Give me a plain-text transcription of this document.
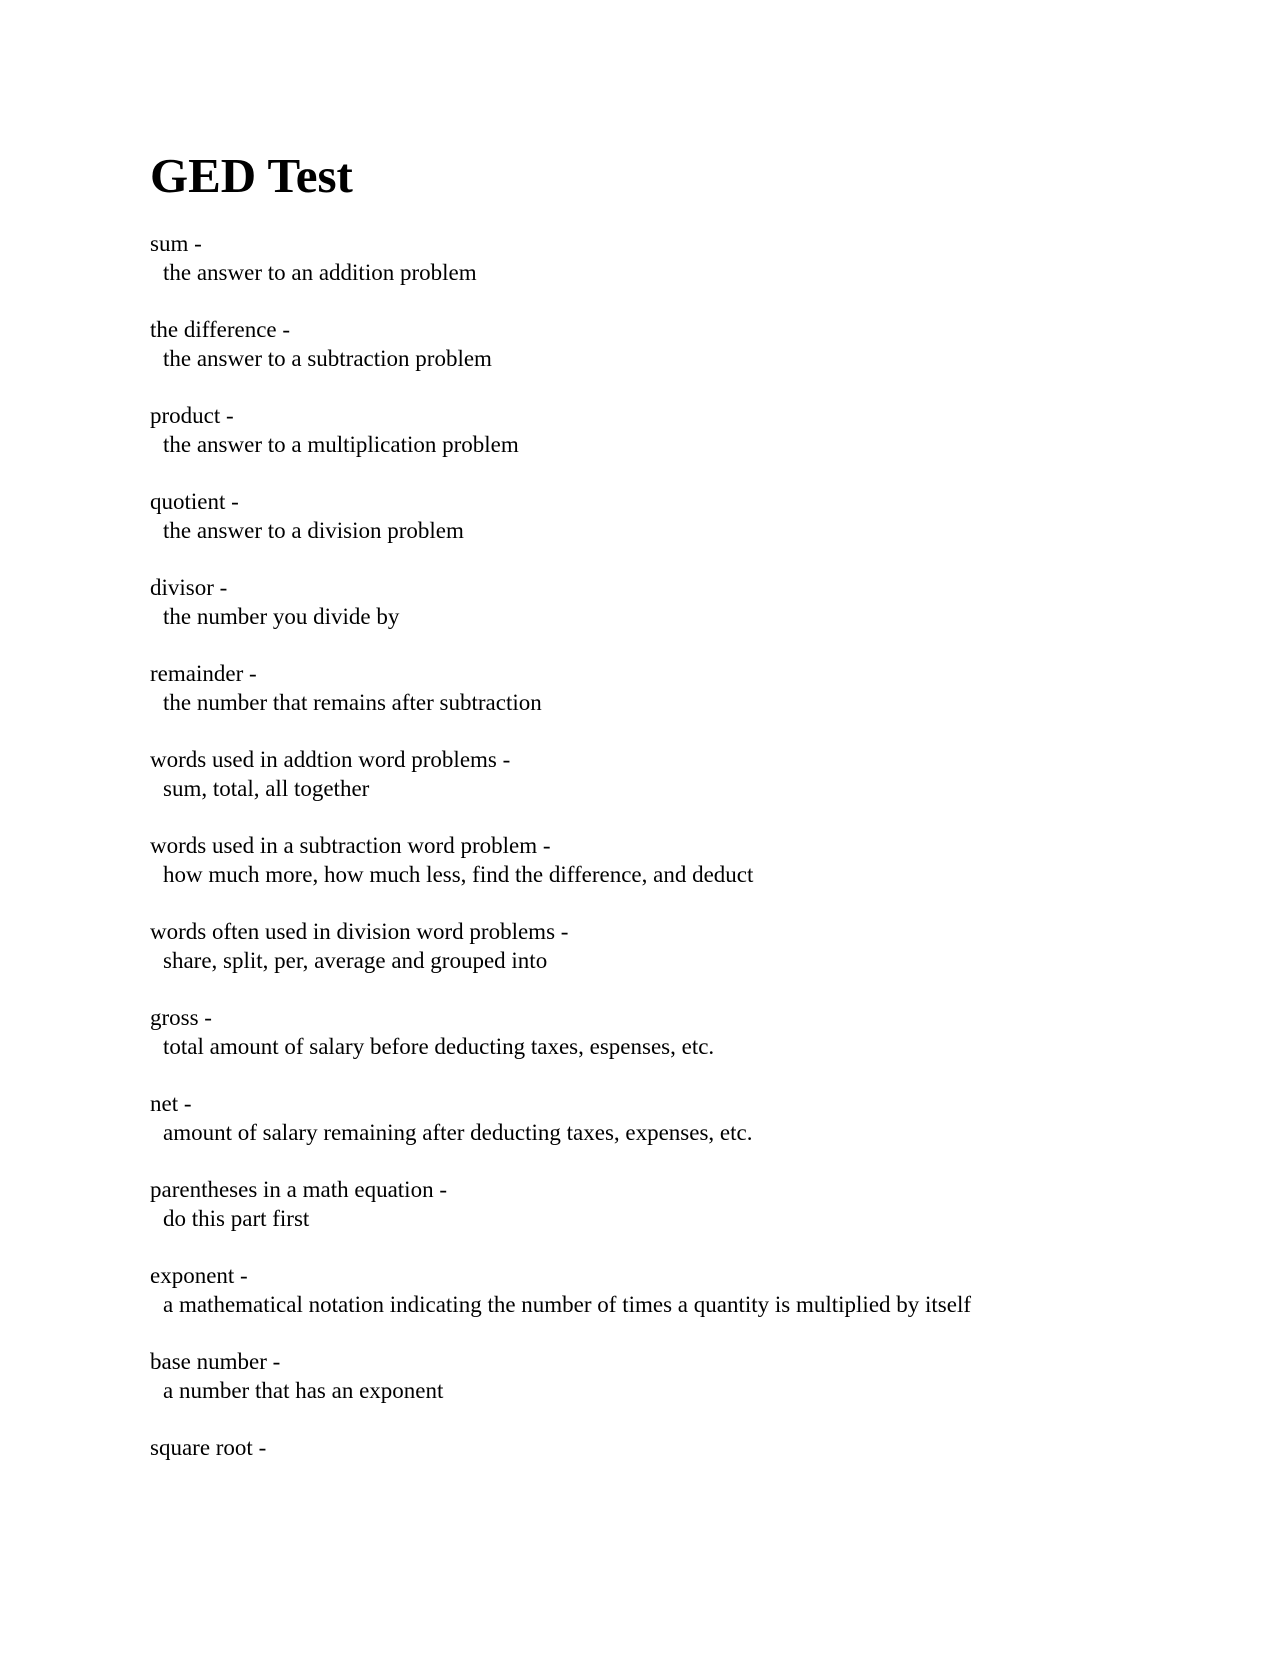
GED Test
sum -
the answer to an addition problem
the difference -
the answer to a subtraction problem
product -
the answer to a multiplication problem
quotient -
the answer to a division problem
divisor -
the number you divide by
remainder -
the number that remains after subtraction
words used in addtion word problems -
sum, total, all together
words used in a subtraction word problem -
how much more, how much less, find the difference, and deduct
words often used in division word problems -
share, split, per, average and grouped into
gross -
total amount of salary before deducting taxes, espenses, etc.
net -
amount of salary remaining after deducting taxes, expenses, etc.
parentheses in a math equation -
do this part first
exponent -
a mathematical notation indicating the number of times a quantity is multiplied by itself
base number -
a number that has an exponent
square root -
